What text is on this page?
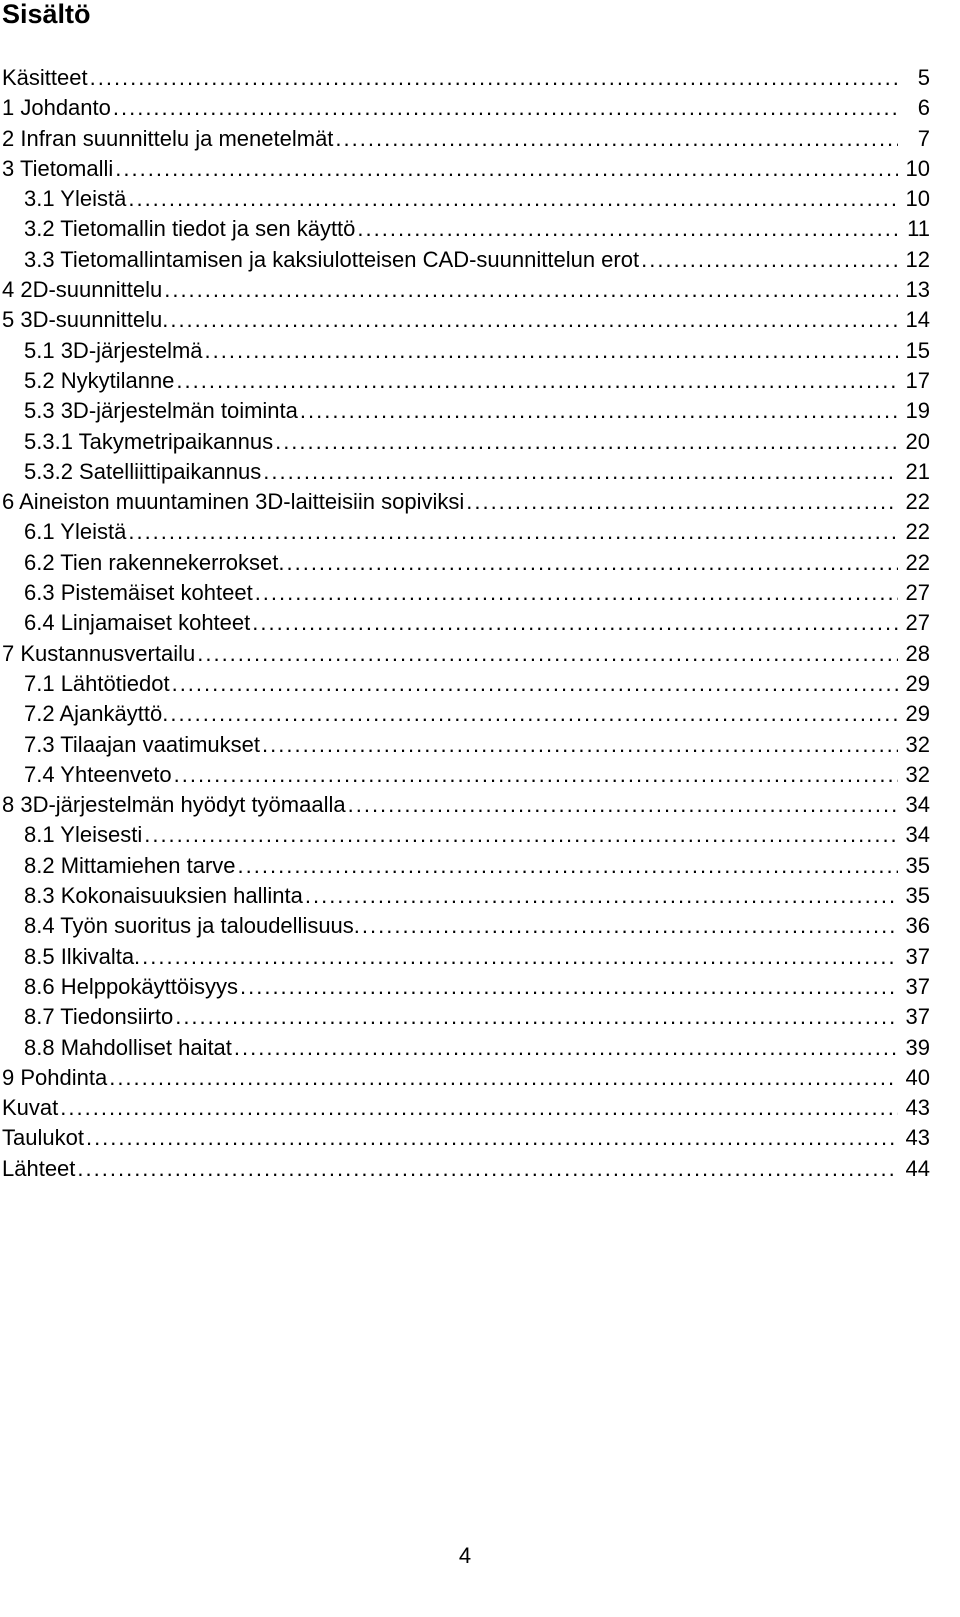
Sisältö
Käsitteet .....	5
1 Johdanto .....	6
2 Infran suunnittelu ja menetelmät .....	7
3 Tietomalli .....	10
3.1 Yleistä .....	10
3.2 Tietomallin tiedot ja sen käyttö .....	11
3.3 Tietomallintamisen ja kaksiulotteisen CAD-suunnittelun erot .....	12
4 2D-suunnittelu .....	13
5 3D-suunnittelu. .....	14
5.1 3D-järjestelmä .....	15
5.2 Nykytilanne .....	17
5.3 3D-järjestelmän toiminta .....	19
5.3.1 Takymetripaikannus .....	20
5.3.2 Satelliittipaikannus .....	21
6 Aineiston muuntaminen 3D-laitteisiin sopiviksi .....	22
6.1 Yleistä .....	22
6.2 Tien rakennekerrokset. .....	22
6.3 Pistemäiset kohteet .....	27
6.4 Linjamaiset kohteet .....	27
7 Kustannusvertailu .....	28
7.1 Lähtötiedot .....	29
7.2 Ajankäyttö. .....	29
7.3 Tilaajan vaatimukset .....	32
7.4 Yhteenveto .....	32
8 3D-järjestelmän hyödyt työmaalla .....	34
8.1 Yleisesti .....	34
8.2 Mittamiehen tarve .....	35
8.3 Kokonaisuuksien hallinta .....	35
8.4 Työn suoritus ja taloudellisuus. .....	36
8.5 Ilkivalta. .....	37
8.6 Helppokäyttöisyys .....	37
8.7 Tiedonsiirto .....	37
8.8 Mahdolliset haitat .....	39
9 Pohdinta .....	40
Kuvat .....	43
Taulukot .....	43
Lähteet .....	44
4
